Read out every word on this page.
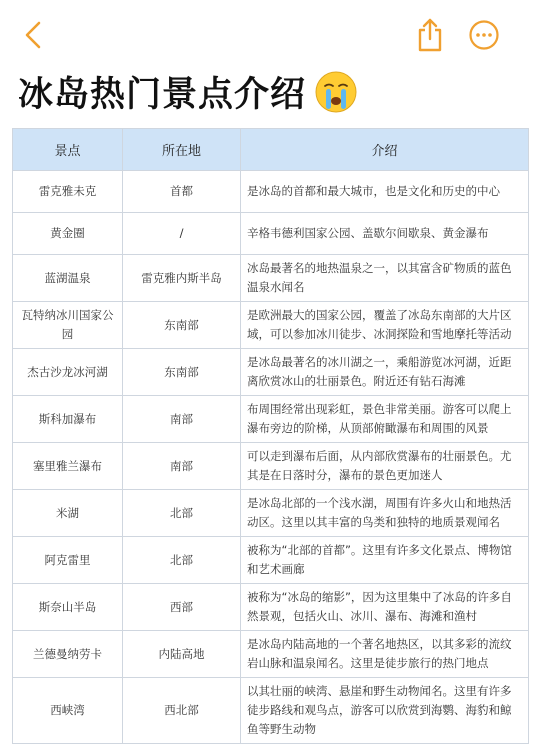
冰岛热门景点介绍
景点	所在地	介绍
雷克雅未克	首都	是冰岛的首都和最大城市，也是文化和历史的中心
黄金圈	/	辛格韦德利国家公园、盖歇尔间歇泉、黄金瀑布
蓝湖温泉	雷克雅内斯半岛	冰岛最著名的地热温泉之一，以其富含矿物质的蓝色温泉水闻名
瓦特纳冰川国家公园	东南部	是欧洲最大的国家公园，覆盖了冰岛东南部的大片区域，可以参加冰川徒步、冰洞探险和雪地摩托等活动
杰古沙龙冰河湖	东南部	是冰岛最著名的冰川湖之一，乘船游览冰河湖，近距离欣赏冰山的壮丽景色。附近还有钻石海滩
斯科加瀑布	南部	布周围经常出现彩虹，景色非常美丽。游客可以爬上瀑布旁边的阶梯，从顶部俯瞰瀑布和周围的风景
塞里雅兰瀑布	南部	可以走到瀑布后面，从内部欣赏瀑布的壮丽景色。尤其是在日落时分，瀑布的景色更加迷人
米湖	北部	是冰岛北部的一个浅水湖，周围有许多火山和地热活动区。这里以其丰富的鸟类和独特的地质景观闻名
阿克雷里	北部	被称为“北部的首都”。这里有许多文化景点、博物馆和艺术画廊
斯奈山半岛	西部	被称为“冰岛的缩影”，因为这里集中了冰岛的许多自然景观，包括火山、冰川、瀑布、海滩和渔村
兰德曼纳劳卡	内陆高地	是冰岛内陆高地的一个著名地热区，以其多彩的流纹岩山脉和温泉闻名。这里是徒步旅行的热门地点
西峡湾	西北部	以其壮丽的峡湾、悬崖和野生动物闻名。这里有许多徒步路线和观鸟点，游客可以欣赏到海鹦、海豹和鲸鱼等野生动物
